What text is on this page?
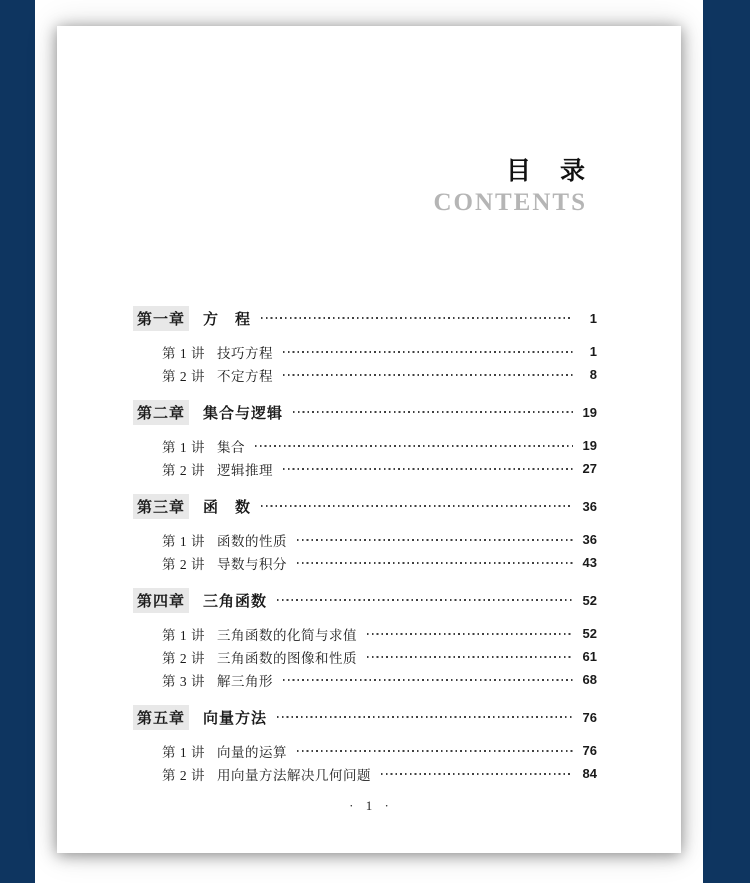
目　录
CONTENTS
第一章 方　程	1
第 1 讲 技巧方程	1
第 2 讲 不定方程	8
第二章 集合与逻辑	19
第 1 讲 集合	19
第 2 讲 逻辑推理	27
第三章 函　数	36
第 1 讲 函数的性质	36
第 2 讲 导数与积分	43
第四章 三角函数	52
第 1 讲 三角函数的化简与求值	52
第 2 讲 三角函数的图像和性质	61
第 3 讲 解三角形	68
第五章 向量方法	76
第 1 讲 向量的运算	76
第 2 讲 用向量方法解决几何问题	84
· 1 ·
